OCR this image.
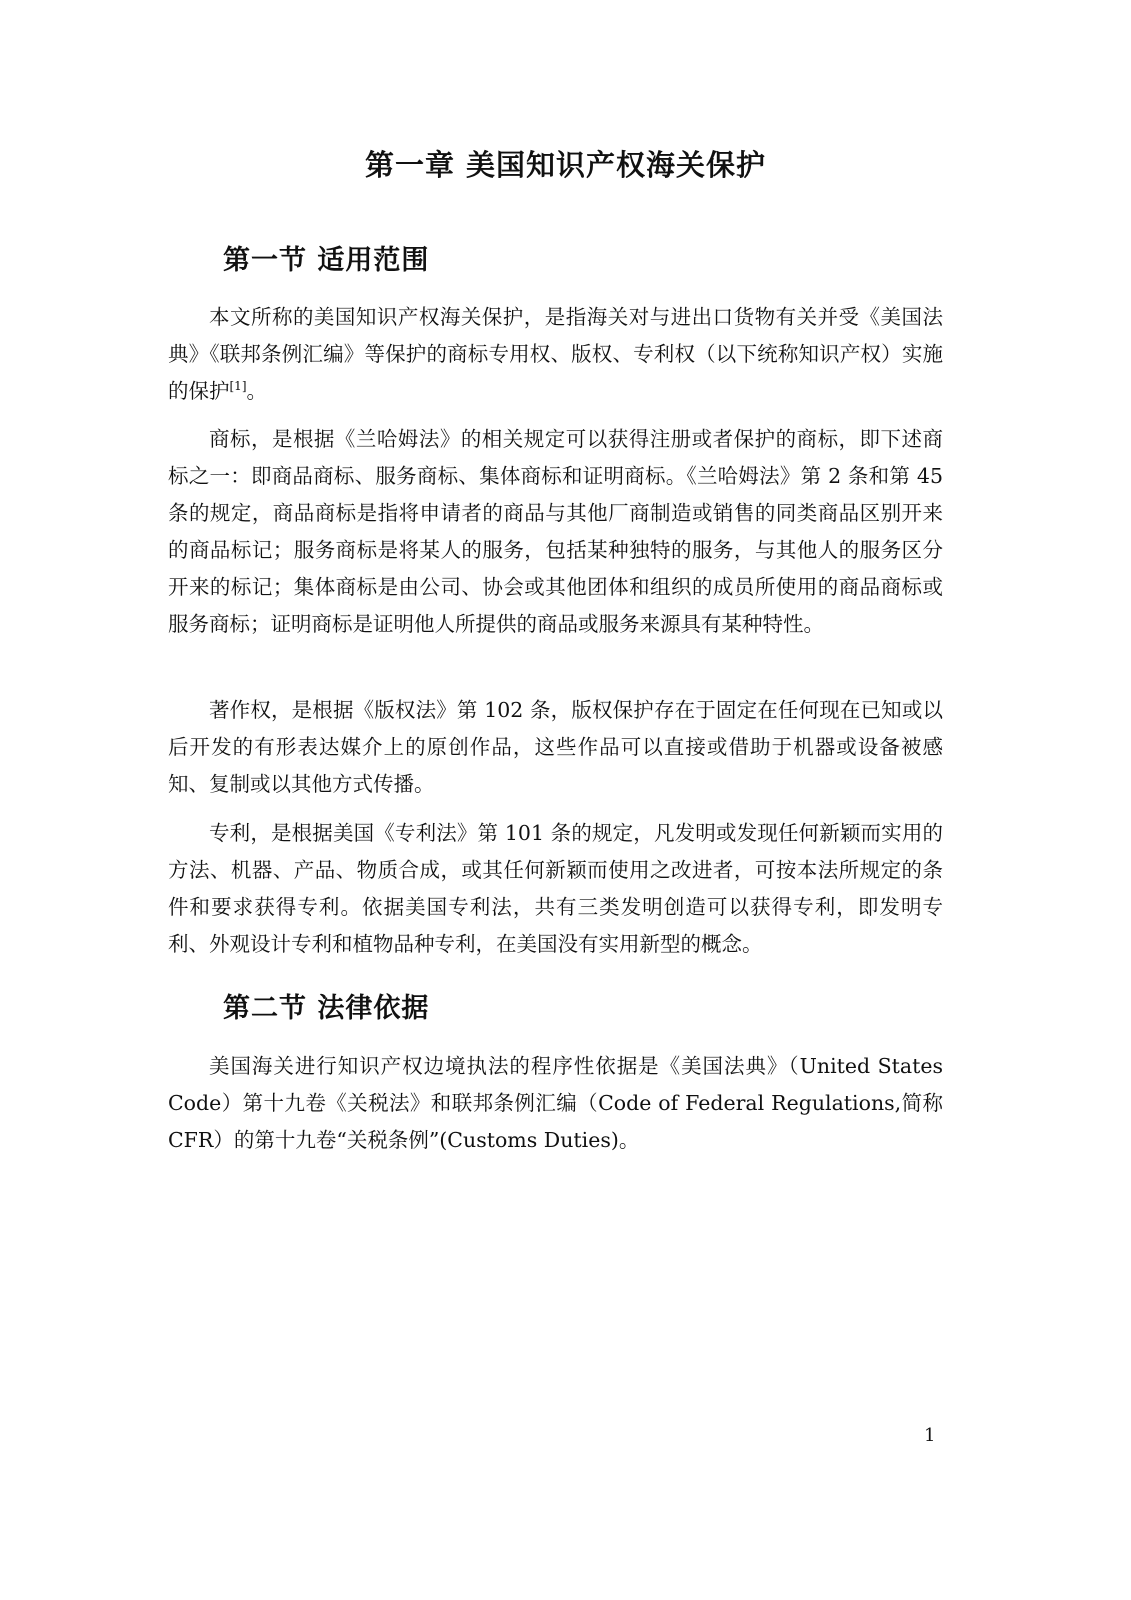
第一章 美国知识产权海关保护
第一节 适用范围

本文所称的美国知识产权海关保护，是指海关对与进出口货物有关并受《美国法典》《联邦条例汇编》等保护的商标专用权、版权、专利权（以下统称知识产权）实施的保护[1]。

商标，是根据《兰哈姆法》的相关规定可以获得注册或者保护的商标，即下述商标之一：即商品商标、服务商标、集体商标和证明商标。《兰哈姆法》第 2 条和第 45 条的规定，商品商标是指将申请者的商品与其他厂商制造或销售的同类商品区别开来的商品标记；服务商标是将某人的服务，包括某种独特的服务，与其他人的服务区分开来的标记；集体商标是由公司、协会或其他团体和组织的成员所使用的商品商标或服务商标；证明商标是证明他人所提供的商品或服务来源具有某种特性。

著作权，是根据《版权法》第 102 条，版权保护存在于固定在任何现在已知或以后开发的有形表达媒介上的原创作品，这些作品可以直接或借助于机器或设备被感知、复制或以其他方式传播。

专利，是根据美国《专利法》第 101 条的规定，凡发明或发现任何新颖而实用的方法、机器、产品、物质合成，或其任何新颖而使用之改进者，可按本法所规定的条件和要求获得专利。依据美国专利法，共有三类发明创造可以获得专利，即发明专利、外观设计专利和植物品种专利，在美国没有实用新型的概念。

第二节 法律依据

美国海关进行知识产权边境执法的程序性依据是《美国法典》（United States Code）第十九卷《关税法》和联邦条例汇编（Code of Federal Regulations,简称 CFR）的第十九卷“关税条例”(Customs Duties)。

1
